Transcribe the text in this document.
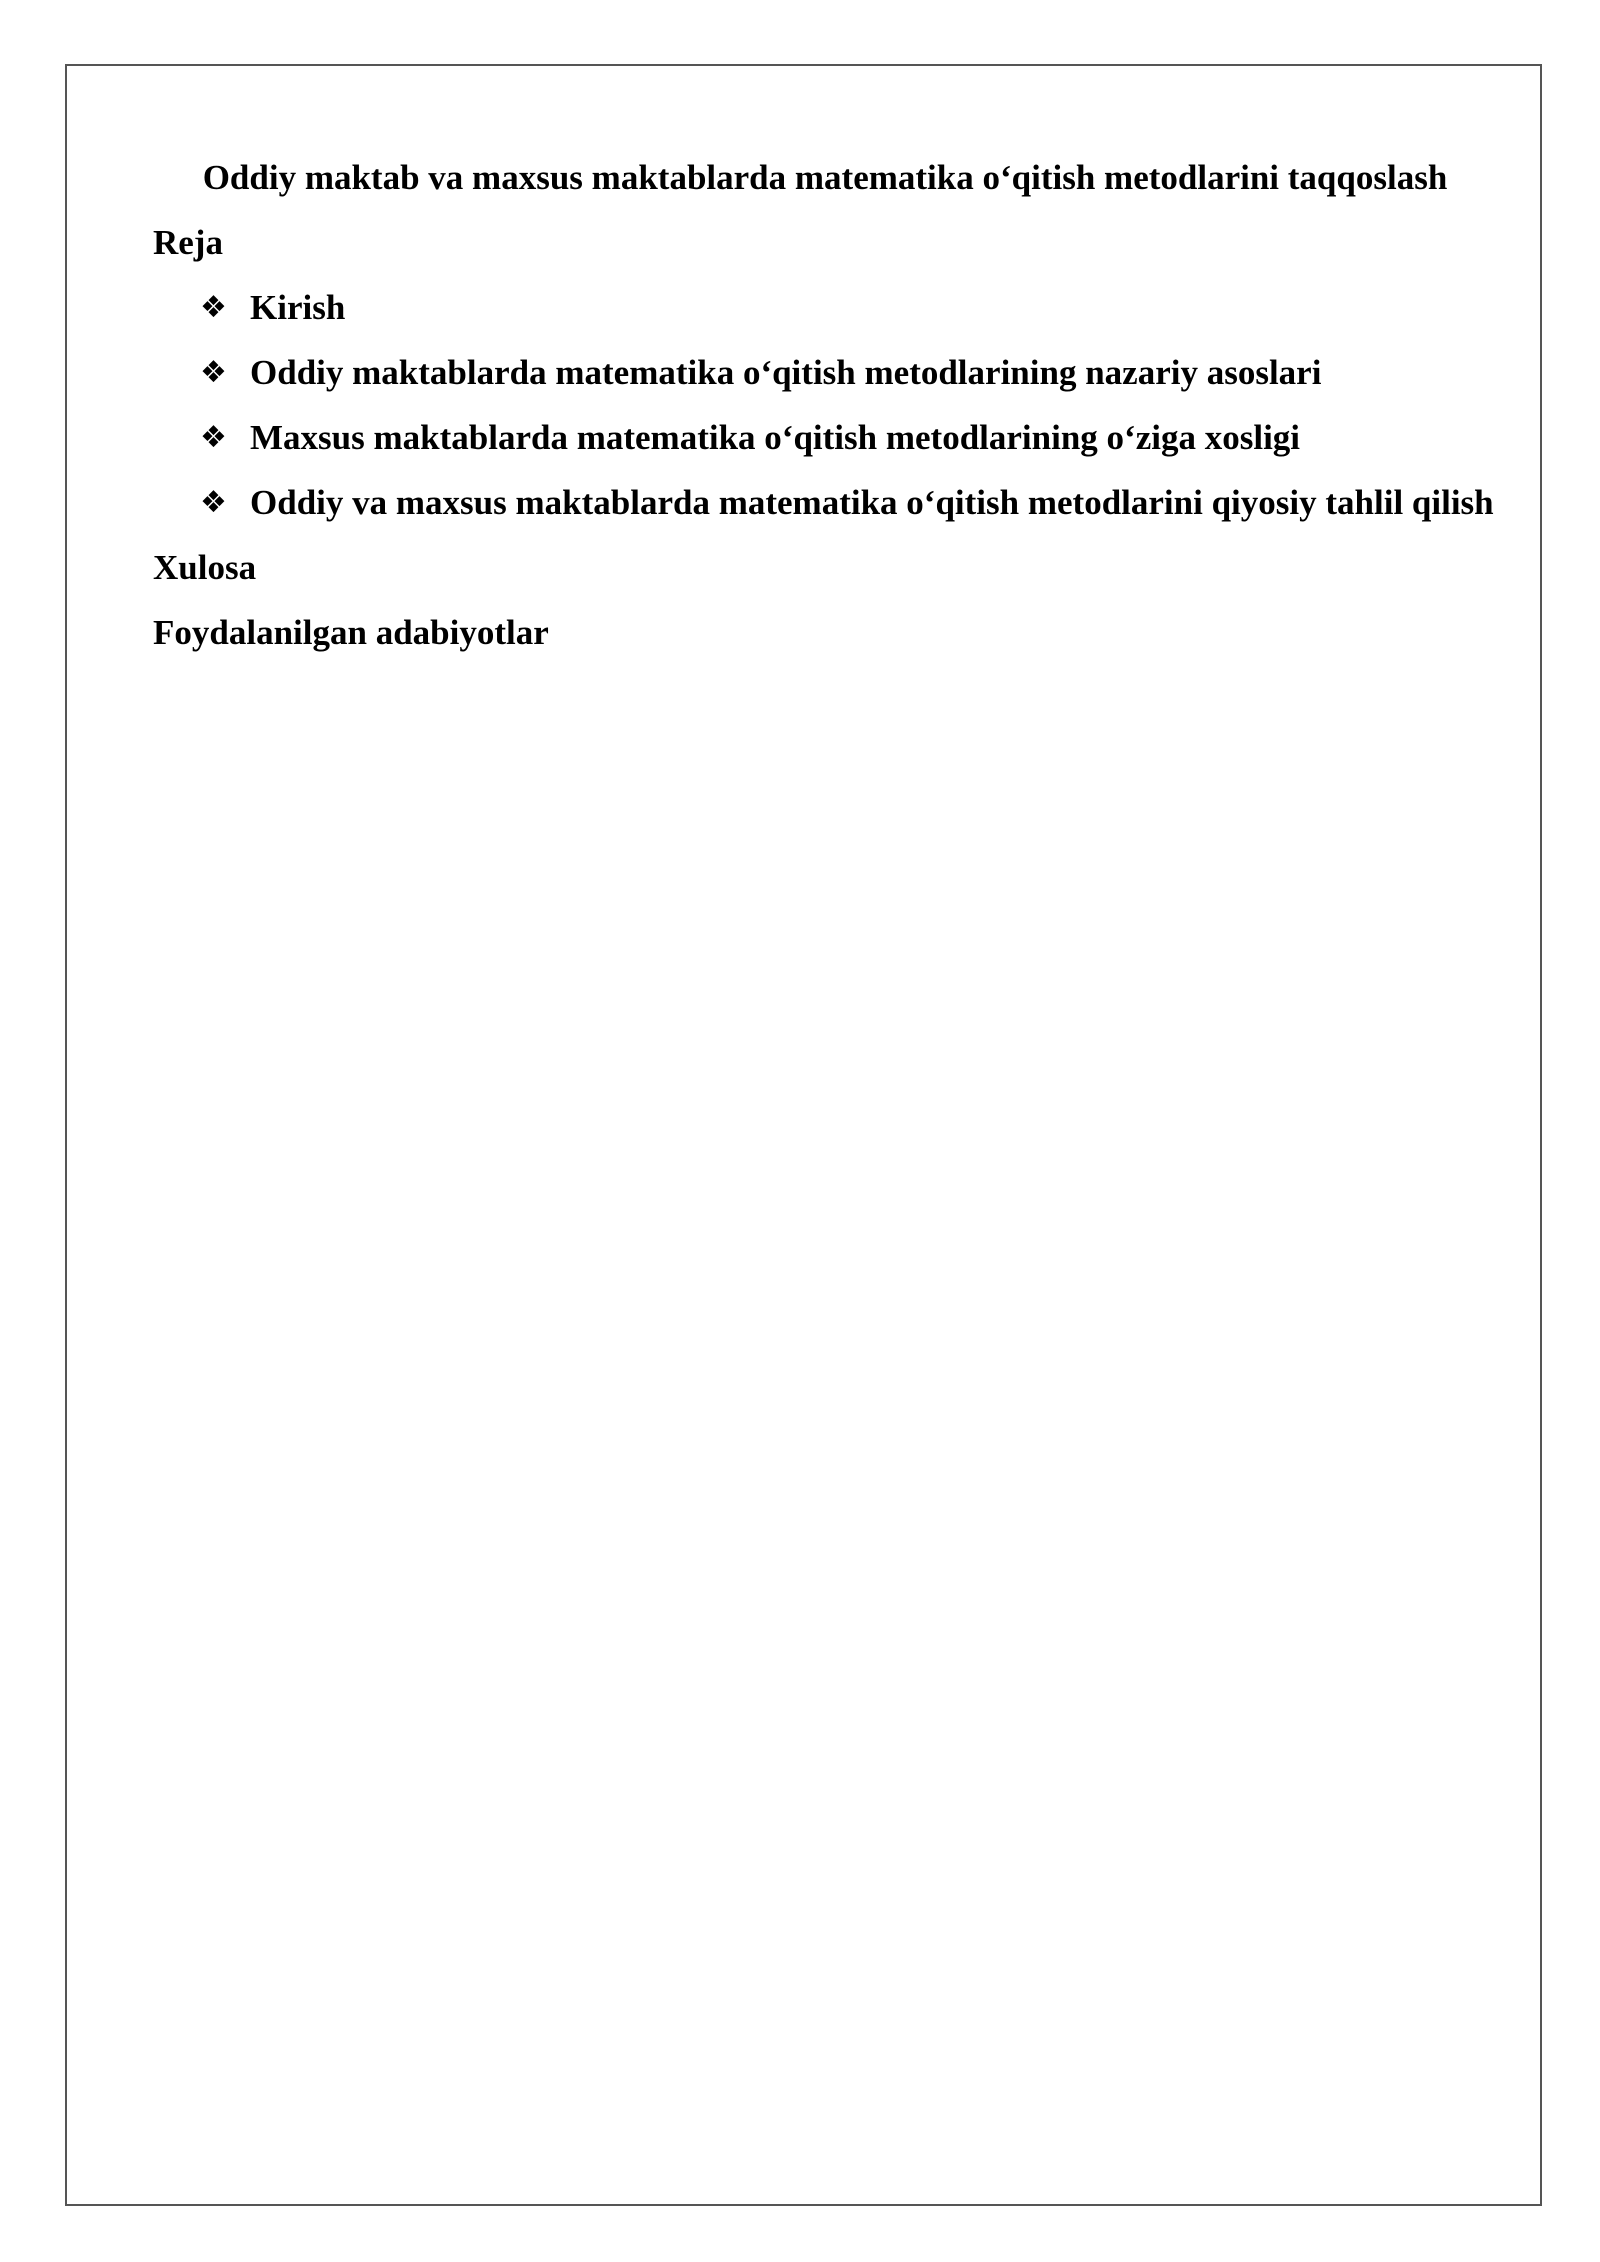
Oddiy maktab va maxsus maktablarda matematika o‘qitish metodlarini taqqoslash
Reja
❖ Kirish
❖ Oddiy maktablarda matematika o‘qitish metodlarining nazariy asoslari
❖ Maxsus maktablarda matematika o‘qitish metodlarining o‘ziga xosligi
❖ Oddiy va maxsus maktablarda matematika o‘qitish metodlarini qiyosiy tahlil qilish
Xulosa
Foydalanilgan adabiyotlar
